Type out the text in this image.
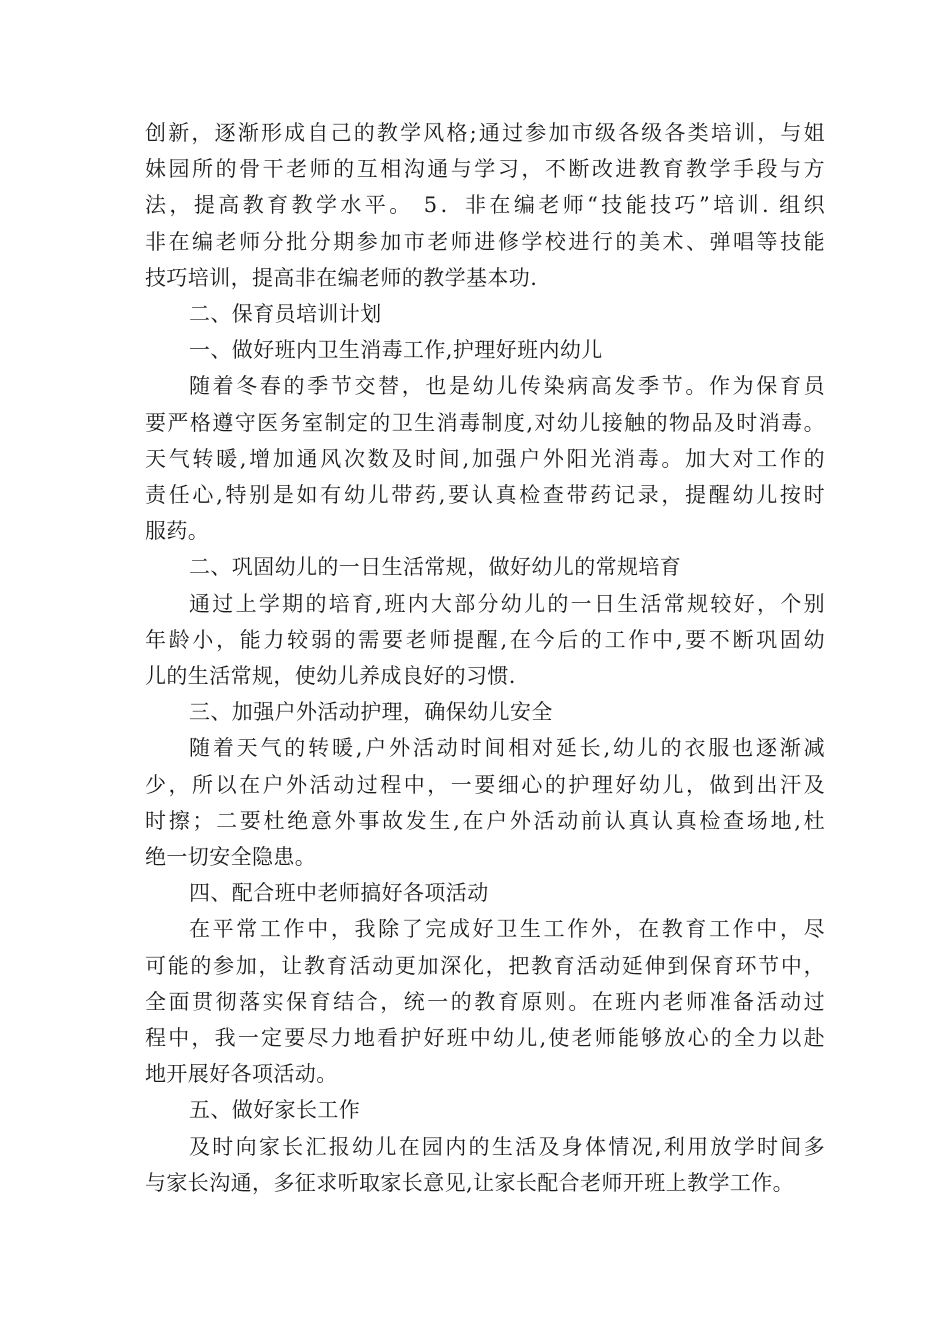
创新，逐渐形成自己的教学风格;通过参加市级各级各类培训，与姐
妹园所的骨干老师的互相沟通与学习，不断改进教育教学手段与方
法，提高教育教学水平。 5．非在编老师“技能技巧”培训. 组织
非在编老师分批分期参加市老师进修学校进行的美术、弹唱等技能
技巧培训，提高非在编老师的教学基本功.
二、保育员培训计划
一、做好班内卫生消毒工作,护理好班内幼儿
随着冬春的季节交替，也是幼儿传染病高发季节。作为保育员
要严格遵守医务室制定的卫生消毒制度,对幼儿接触的物品及时消毒。
天气转暖,增加通风次数及时间,加强户外阳光消毒。加大对工作的
责任心,特别是如有幼儿带药,要认真检查带药记录，提醒幼儿按时
服药。
二、巩固幼儿的一日生活常规，做好幼儿的常规培育
通过上学期的培育,班内大部分幼儿的一日生活常规较好，个别
年龄小，能力较弱的需要老师提醒,在今后的工作中,要不断巩固幼
儿的生活常规，使幼儿养成良好的习惯.
三、加强户外活动护理，确保幼儿安全
随着天气的转暖,户外活动时间相对延长,幼儿的衣服也逐渐减
少，所以在户外活动过程中，一要细心的护理好幼儿，做到出汗及
时擦；二要杜绝意外事故发生,在户外活动前认真认真检查场地,杜
绝一切安全隐患。
四、配合班中老师搞好各项活动
在平常工作中，我除了完成好卫生工作外，在教育工作中，尽
可能的参加，让教育活动更加深化，把教育活动延伸到保育环节中，
全面贯彻落实保育结合，统一的教育原则。在班内老师准备活动过
程中，我一定要尽力地看护好班中幼儿,使老师能够放心的全力以赴
地开展好各项活动。
五、做好家长工作
及时向家长汇报幼儿在园内的生活及身体情况,利用放学时间多
与家长沟通，多征求听取家长意见,让家长配合老师开班上教学工作。
